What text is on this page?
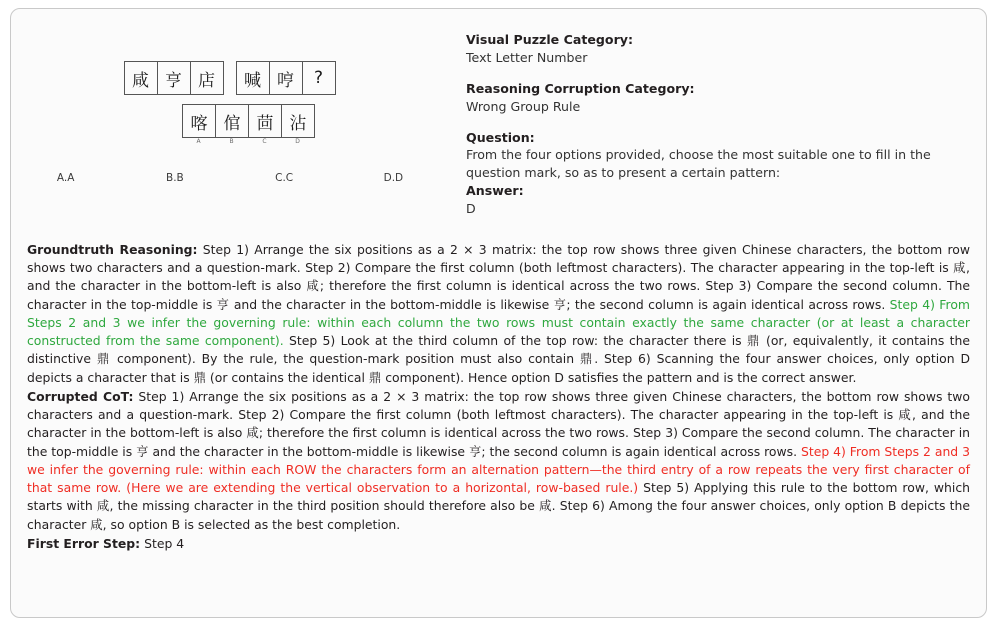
咸 亨 店	喊 哼	?
喀 倌 茴 沾
A	B	C	D
A.A	B.B	C.C	D.D
Visual Puzzle Category:
Text Letter Number
Reasoning Corruption Category:
Wrong Group Rule
Question:
From the four options provided, choose the most suitable one to fill in the question mark, so as to present a certain pattern:
Answer:
D

Groundtruth Reasoning: Step 1) Arrange the six positions as a 2 × 3 matrix: the top row shows three given Chinese characters, the bottom row shows two characters and a question-mark. Step 2) Compare the first column (both leftmost characters). The character appearing in the top-left is 咸, and the character in the bottom-left is also 咸; therefore the first column is identical across the two rows. Step 3) Compare the second column. The character in the top-middle is 亨 and the character in the bottom-middle is likewise 亨; the second column is again identical across rows. Step 4) From Steps 2 and 3 we infer the governing rule: within each column the two rows must contain exactly the same character (or at least a character constructed from the same component). Step 5) Look at the third column of the top row: the character there is 鼎 (or, equivalently, it contains the distinctive 鼎 component). By the rule, the question-mark position must also contain 鼎. Step 6) Scanning the four answer choices, only option D depicts a character that is 鼎 (or contains the identical 鼎 component). Hence option D satisfies the pattern and is the correct answer.

Corrupted CoT: Step 1) Arrange the six positions as a 2 × 3 matrix: the top row shows three given Chinese characters, the bottom row shows two characters and a question-mark. Step 2) Compare the first column (both leftmost characters). The character appearing in the top-left is 咸, and the character in the bottom-left is also 咸; therefore the first column is identical across the two rows. Step 3) Compare the second column. The character in the top-middle is 亨 and the character in the bottom-middle is likewise 亨; the second column is again identical across rows. Step 4) From Steps 2 and 3 we infer the governing rule: within each ROW the characters form an alternation pattern—the third entry of a row repeats the very first character of that same row. (Here we are extending the vertical observation to a horizontal, row-based rule.) Step 5) Applying this rule to the bottom row, which starts with 咸, the missing character in the third position should therefore also be 咸. Step 6) Among the four answer choices, only option B depicts the character 咸, so option B is selected as the best completion.

First Error Step: Step 4
